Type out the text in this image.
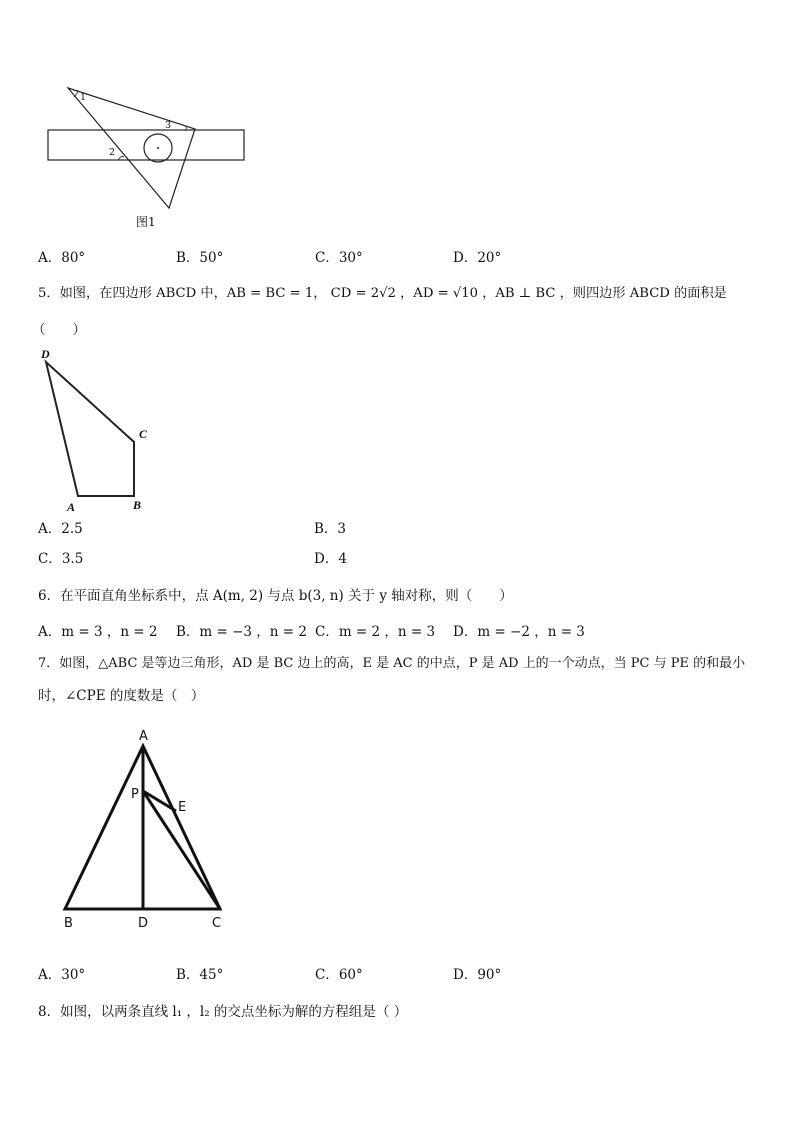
1
2
3
图1
A．80°	B．50°	C．30°	D．20°
5．如图，在四边形 ABCD 中，AB = BC = 1， CD = 2√2 ，AD = √10 ，AB ⊥ BC ，则四边形 ABCD 的面积是
（　　）
D
C
A	B
A．2.5	B．3
C．3.5	D．4
6．在平面直角坐标系中，点 A(m, 2) 与点 b(3, n) 关于 y 轴对称，则（　　）
A．m = 3 ，n = 2 B．m = −3 ，n = 2 C．m = 2 ，n = 3 D．m = −2 ，n = 3
7．如图，△ABC 是等边三角形，AD 是 BC 边上的高，E 是 AC 的中点，P 是 AD 上的一个动点，当 PC 与 PE 的和最小
时，∠CPE 的度数是（　）
A
P
E
B	D	C
A．30°	B．45°	C．60°	D．90°
8．如图，以两条直线 l₁ ，l₂ 的交点坐标为解的方程组是（ ）
